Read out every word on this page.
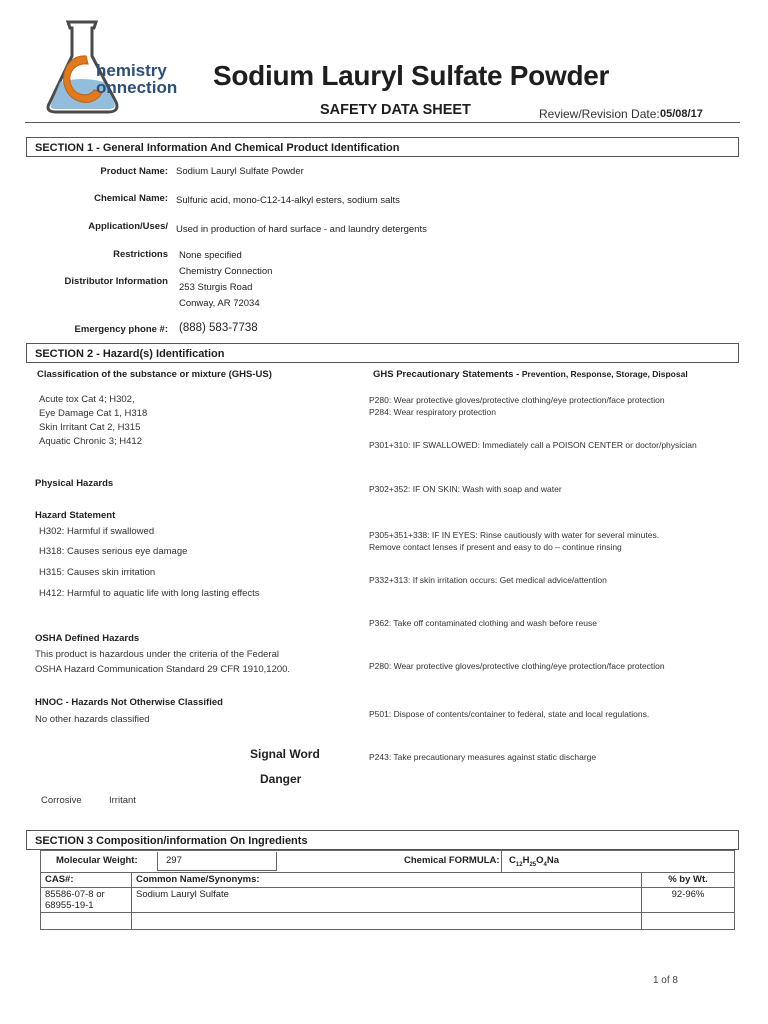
hemistry
onnection Sodium Lauryl Sulfate Powder
SAFETY DATA SHEET	Review/Revision Date: 05/08/17
SECTION 1 - General Information And Chemical Product Identification
Product Name: Sodium Lauryl Sulfate Powder
Chemical Name: Sulfuric acid, mono-C12-14-alkyl esters, sodium salts
Application/Uses/ Used in production of hard surface - and laundry detergents
Restrictions None specified
Distributor Information
Chemistry Connection
253 Sturgis Road
Conway, AR 72034
Emergency phone #: (888) 583-7738
SECTION 2 - Hazard(s) Identification
Classification of the substance or mixture (GHS-US)	GHS Precautionary Statements - Prevention, Response, Storage, Disposal
Acute tox Cat 4; H302,
Eye Damage Cat 1, H318
Skin Irritant Cat 2, H315
Aquatic Chronic 3; H412
Physical Hazards
Hazard Statement
H302: Harmful if swallowed
H318: Causes serious eye damage
H315: Causes skin irritation
H412: Harmful to aquatic life with long lasting effects
OSHA Defined Hazards
This product is hazardous under the criteria of the Federal
OSHA Hazard Communication Standard 29 CFR 1910,1200.
HNOC - Hazards Not Otherwise Classified
No other hazards classified
Signal Word
Danger
Corrosive	Irritant
P280: Wear protective gloves/protective clothing/eye protection/face protection
P284: Wear respiratory protection
P301+310: IF SWALLOWED: Immediately call a POISON CENTER or doctor/physician
P302+352: IF ON SKIN: Wash with soap and water
P305+351+338: IF IN EYES: Rinse cautiously with water for several minutes.
Remove contact lenses if present and easy to do – continue rinsing
P332+313: If skin irritation occurs: Get medical advice/attention
P362: Take off contaminated clothing and wash before reuse
P280: Wear protective gloves/protective clothing/eye protection/face protection
P501: Dispose of contents/container to federal, state and local regulations.
P243: Take precautionary measures against static discharge
SECTION 3 Composition/information On Ingredients
Molecular Weight:	297	Chemical FORMULA: $C_{12}H_{25}O_4Na$
CAS#:	Common Name/Synonyms:	% by Wt.
85586-07-8 or
68955-19-1	Sodium Lauryl Sulfate	92-96%

1 of 8
